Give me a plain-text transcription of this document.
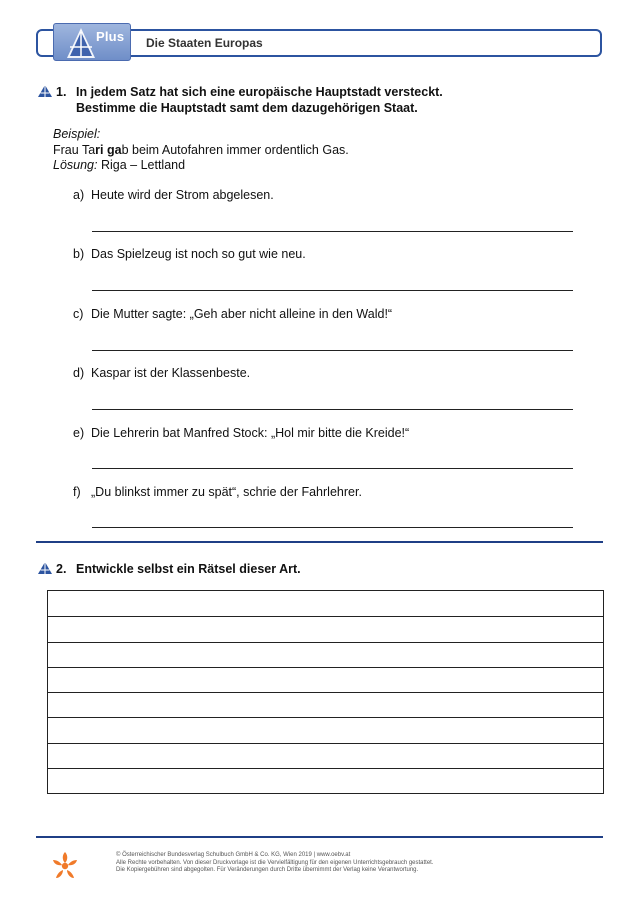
Plus Die Staaten Europas
1. In jedem Satz hat sich eine europäische Hauptstadt versteckt.
Bestimme die Hauptstadt samt dem dazugehörigen Staat.
Beispiel:
Frau Tari gab beim Autofahren immer ordentlich Gas.
Lösung: Riga – Lettland
a) Heute wird der Strom abgelesen.
b) Das Spielzeug ist noch so gut wie neu.
c) Die Mutter sagte: „Geh aber nicht alleine in den Wald!“
d) Kaspar ist der Klassenbeste.
e) Die Lehrerin bat Manfred Stock: „Hol mir bitte die Kreide!“
f) „Du blinkst immer zu spät“, schrie der Fahrlehrer.
2. Entwickle selbst ein Rätsel dieser Art.
© Österreichischer Bundesverlag Schulbuch GmbH & Co. KG, Wien 2019 | www.oebv.at
Alle Rechte vorbehalten. Von dieser Druckvorlage ist die Vervielfältigung für den eigenen Unterrichtsgebrauch gestattet.
Die Kopiergebühren sind abgegolten. Für Veränderungen durch Dritte übernimmt der Verlag keine Verantwortung.
